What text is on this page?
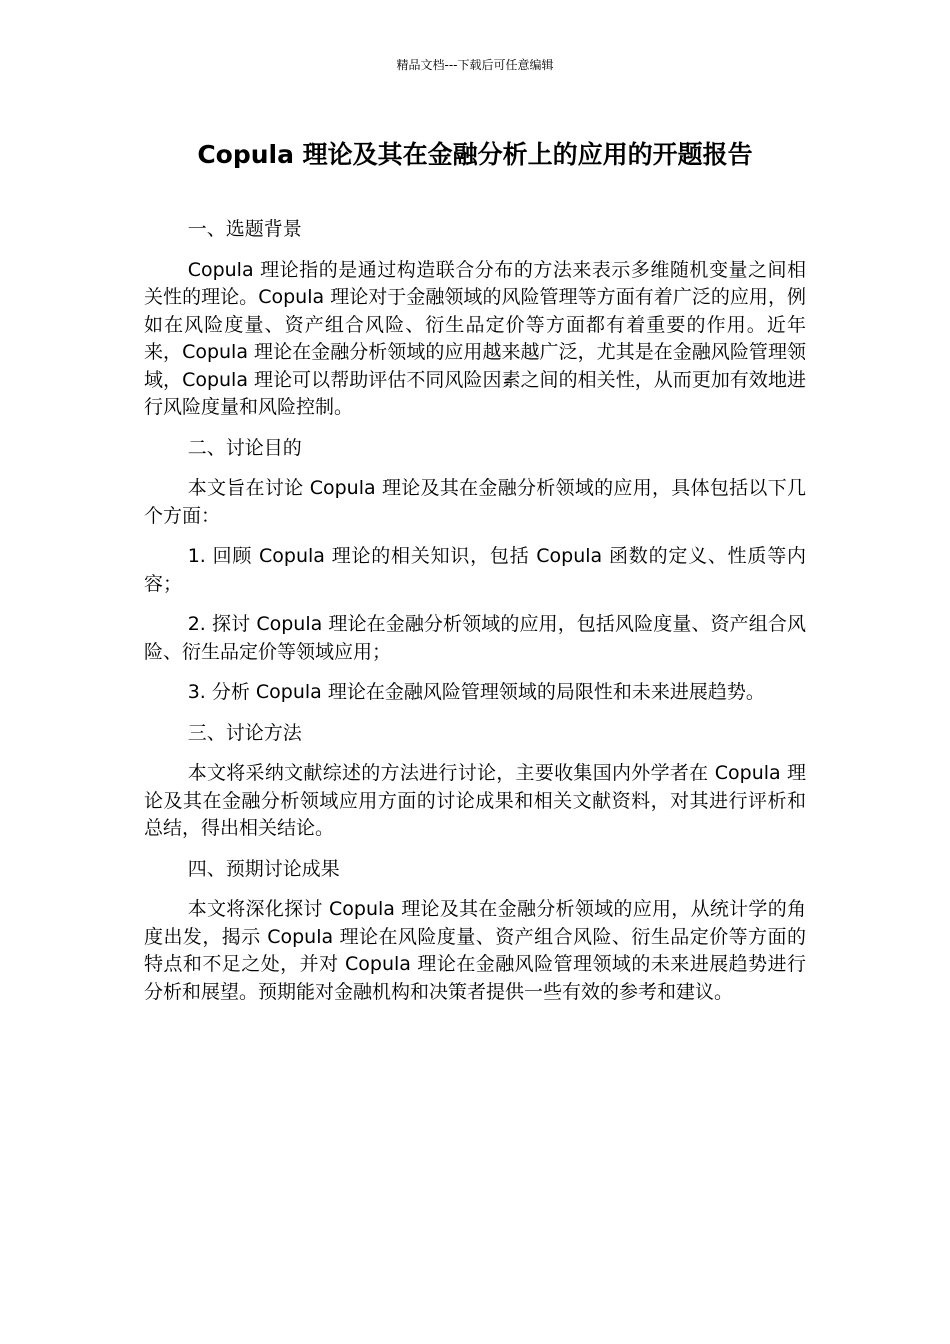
精品文档---下载后可任意编辑
Copula 理论及其在金融分析上的应用的开题报告

一、选题背景

Copula 理论指的是通过构造联合分布的方法来表示多维随机变量之间相关性的理论。Copula 理论对于金融领域的风险管理等方面有着广泛的应用，例如在风险度量、资产组合风险、衍生品定价等方面都有着重要的作用。近年来，Copula 理论在金融分析领域的应用越来越广泛，尤其是在金融风险管理领域，Copula 理论可以帮助评估不同风险因素之间的相关性，从而更加有效地进行风险度量和风险控制。

二、讨论目的

本文旨在讨论 Copula 理论及其在金融分析领域的应用，具体包括以下几个方面：

1. 回顾 Copula 理论的相关知识，包括 Copula 函数的定义、性质等内容；

2. 探讨 Copula 理论在金融分析领域的应用，包括风险度量、资产组合风险、衍生品定价等领域应用；

3. 分析 Copula 理论在金融风险管理领域的局限性和未来进展趋势。

三、讨论方法

本文将采纳文献综述的方法进行讨论，主要收集国内外学者在 Copula 理论及其在金融分析领域应用方面的讨论成果和相关文献资料，对其进行评析和总结，得出相关结论。

四、预期讨论成果

本文将深化探讨 Copula 理论及其在金融分析领域的应用，从统计学的角度出发，揭示 Copula 理论在风险度量、资产组合风险、衍生品定价等方面的特点和不足之处，并对 Copula 理论在金融风险管理领域的未来进展趋势进行分析和展望。预期能对金融机构和决策者提供一些有效的参考和建议。
